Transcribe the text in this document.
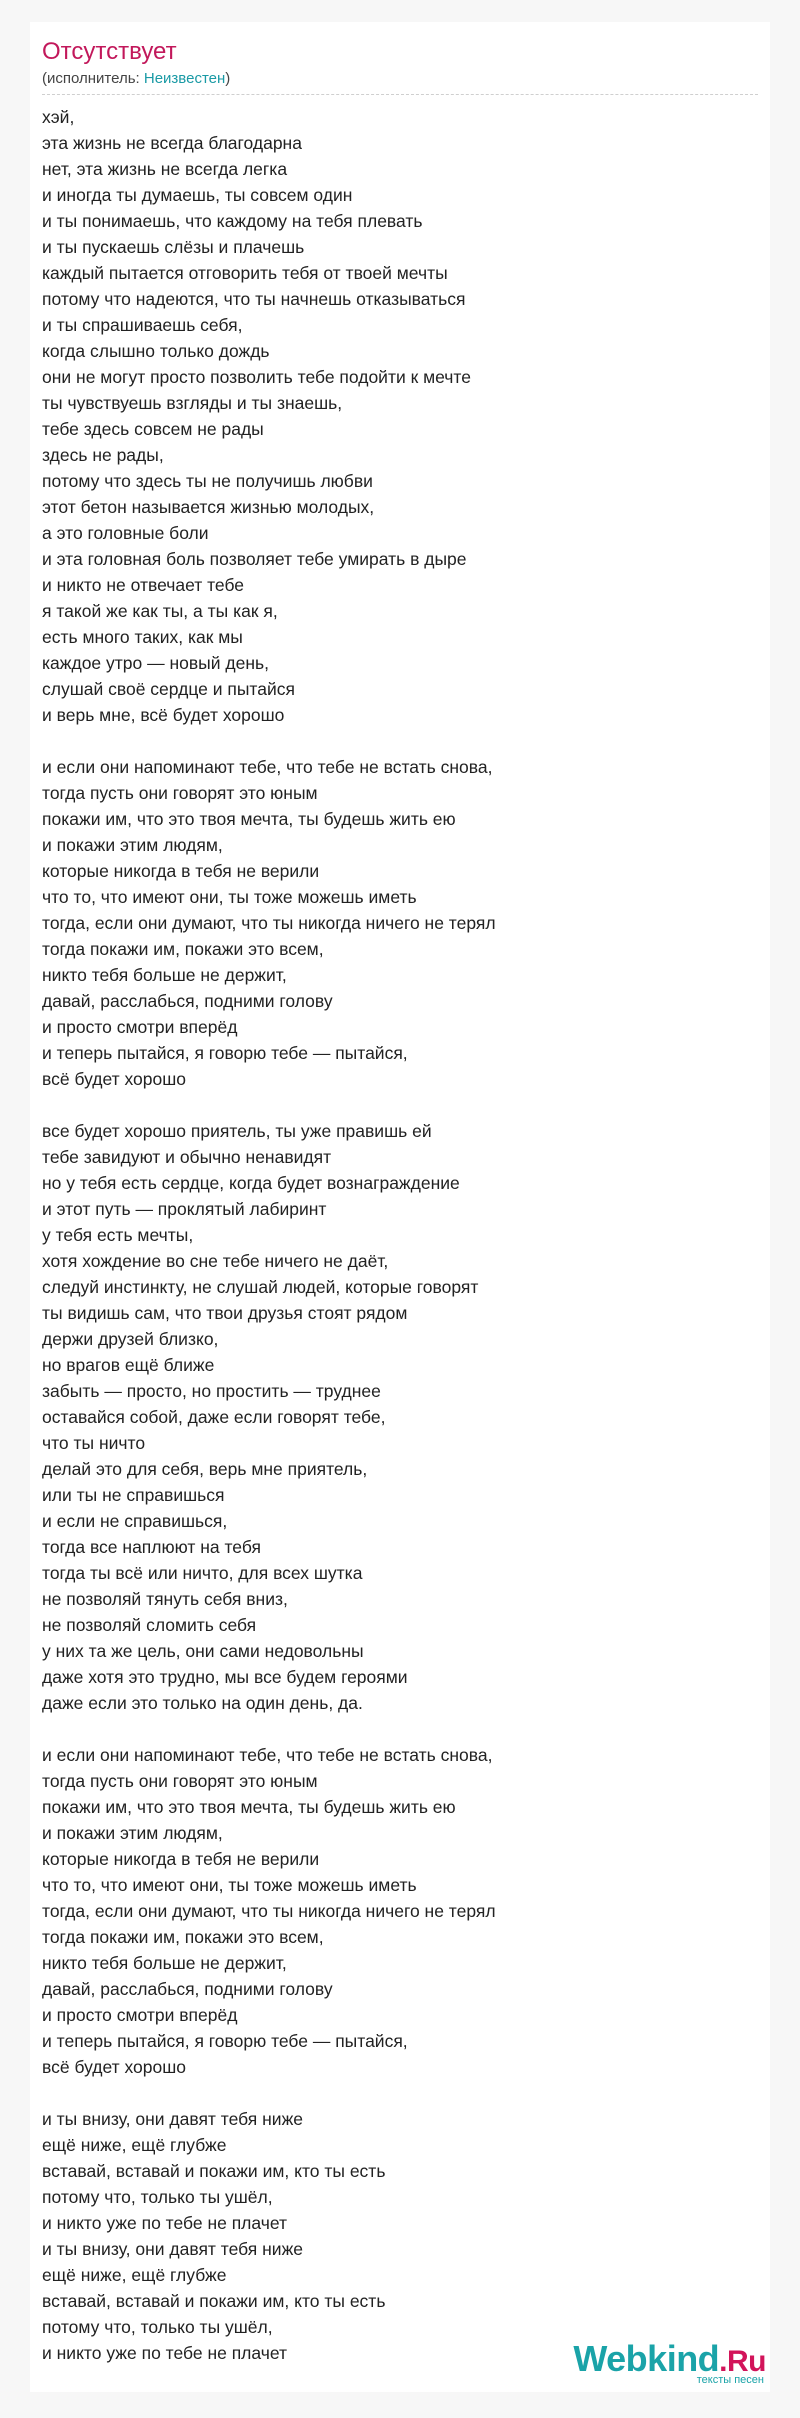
Отсутствует
(исполнитель: Неизвестен)
хэй,
эта жизнь не всегда благодарна
нет, эта жизнь не всегда легка
и иногда ты думаешь, ты совсем один
и ты понимаешь, что каждому на тебя плевать
и ты пускаешь слёзы и плачешь
каждый пытается отговорить тебя от твоей мечты
потому что надеются, что ты начнешь отказываться
и ты спрашиваешь себя,
когда слышно только дождь
они не могут просто позволить тебе подойти к мечте
ты чувствуешь взгляды и ты знаешь,
тебе здесь совсем не рады
здесь не рады,
потому что здесь ты не получишь любви
этот бетон называется жизнью молодых,
а это головные боли
и эта головная боль позволяет тебе умирать в дыре
и никто не отвечает тебе
я такой же как ты, а ты как я,
есть много таких, как мы
каждое утро — новый день,
слушай своё сердце и пытайся
и верь мне, всё будет хорошо
и если они напоминают тебе, что тебе не встать снова,
тогда пусть они говорят это юным
покажи им, что это твоя мечта, ты будешь жить ею
и покажи этим людям,
которые никогда в тебя не верили
что то, что имеют они, ты тоже можешь иметь
тогда, если они думают, что ты никогда ничего не терял
тогда покажи им, покажи это всем,
никто тебя больше не держит,
давай, расслабься, подними голову
и просто смотри вперёд
и теперь пытайся, я говорю тебе — пытайся,
всё будет хорошо
все будет хорошо приятель, ты уже правишь ей
тебе завидуют и обычно ненавидят
но у тебя есть сердце, когда будет вознаграждение
и этот путь — проклятый лабиринт
у тебя есть мечты,
хотя хождение во сне тебе ничего не даёт,
следуй инстинкту, не слушай людей, которые говорят
ты видишь сам, что твои друзья стоят рядом
держи друзей близко,
но врагов ещё ближе
забыть — просто, но простить — труднее
оставайся собой, даже если говорят тебе,
что ты ничто
делай это для себя, верь мне приятель,
или ты не справишься
и если не справишься,
тогда все наплюют на тебя
тогда ты всё или ничто, для всех шутка
не позволяй тянуть себя вниз,
не позволяй сломить себя
у них та же цель, они сами недовольны
даже хотя это трудно, мы все будем героями
даже если это только на один день, да.
и если они напоминают тебе, что тебе не встать снова,
тогда пусть они говорят это юным
покажи им, что это твоя мечта, ты будешь жить ею
и покажи этим людям,
которые никогда в тебя не верили
что то, что имеют они, ты тоже можешь иметь
тогда, если они думают, что ты никогда ничего не терял
тогда покажи им, покажи это всем,
никто тебя больше не держит,
давай, расслабься, подними голову
и просто смотри вперёд
и теперь пытайся, я говорю тебе — пытайся,
всё будет хорошо
и ты внизу, они давят тебя ниже
ещё ниже, ещё глубже
вставай, вставай и покажи им, кто ты есть
потому что, только ты ушёл,
и никто уже по тебе не плачет
и ты внизу, они давят тебя ниже
ещё ниже, ещё глубже
вставай, вставай и покажи им, кто ты есть
потому что, только ты ушёл,
и никто уже по тебе не плачет	Webkind.Ru
тексты песен
